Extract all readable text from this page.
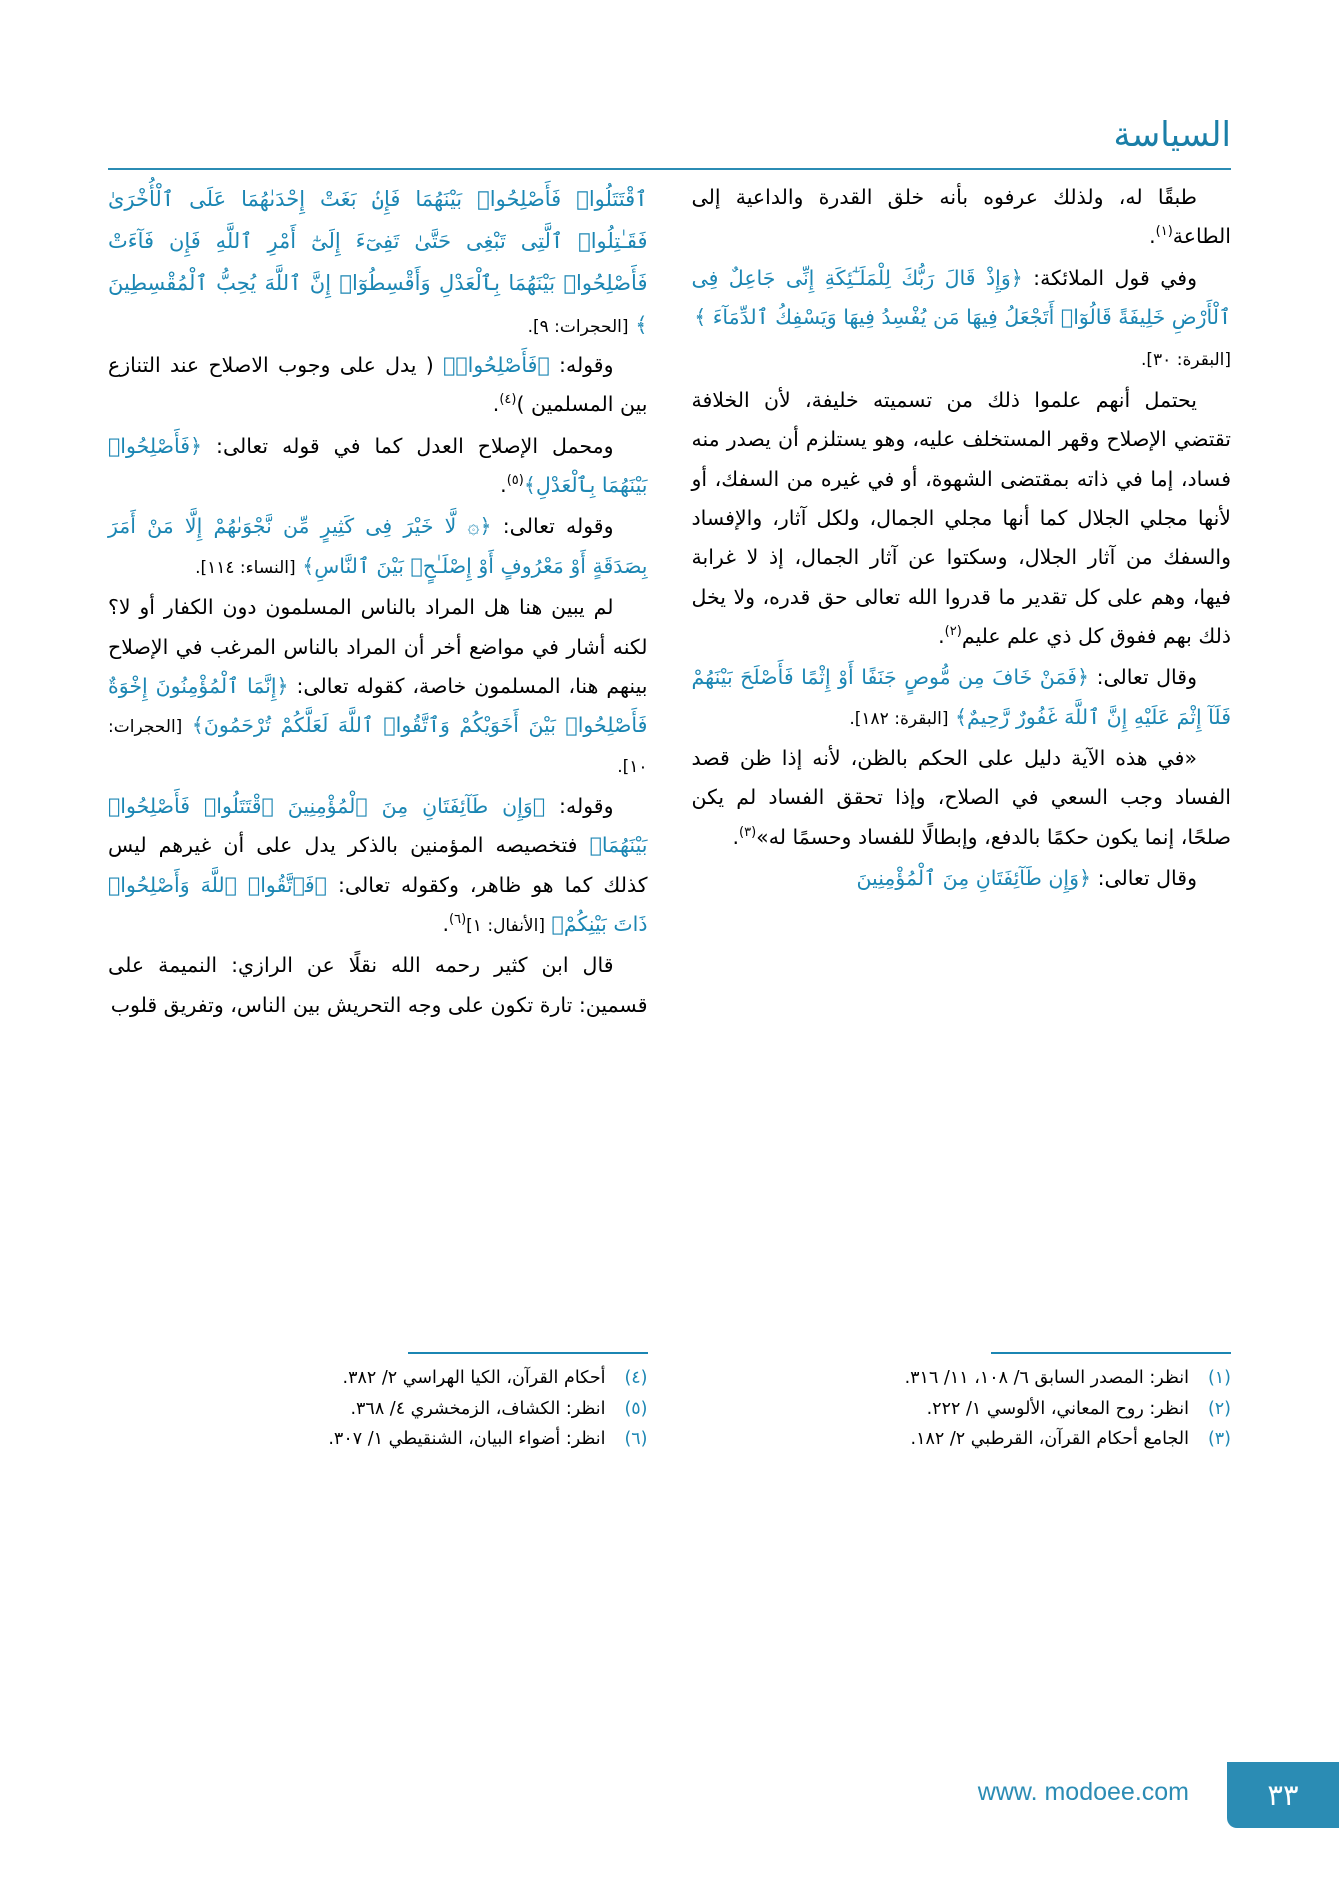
السياسة

طبقًا له، ولذلك عرفوه بأنه خلق القدرة والداعية إلى الطاعة$^{(١)}$.

وفي قول الملائكة: ﴿وَإِذْ قَالَ رَبُّكَ لِلْمَلَـٰٓئِكَةِ إِنِّى جَاعِلٌ فِى ٱلْأَرْضِ خَلِيفَةً قَالُوٓا۟ أَتَجْعَلُ فِيهَا مَن يُفْسِدُ فِيهَا وَيَسْفِكُ ٱلدِّمَآءَ ﴾

[البقرة: ٣٠].

يحتمل أنهم علموا ذلك من تسميته خليفة، لأن الخلافة تقتضي الإصلاح وقهر المستخلف عليه، وهو يستلزم أن يصدر منه فساد، إما في ذاته بمقتضى الشهوة، أو في غيره من السفك، أو لأنها مجلي الجلال كما أنها مجلي الجمال، ولكل آثار، والإفساد والسفك من آثار الجلال، وسكتوا عن آثار الجمال، إذ لا غرابة فيها، وهم على كل تقدير ما قدروا الله تعالى حق قدره، ولا يخل ذلك بهم ففوق كل ذي علم عليم$^{(٢)}$.

وقال تعالى: ﴿فَمَنْ خَافَ مِن مُّوصٍ جَنَفًا أَوْ إِثْمًا فَأَصْلَحَ بَيْنَهُمْ فَلَآ إِثْمَ عَلَيْهِ إِنَّ ٱللَّهَ غَفُورٌ رَّحِيمٌ﴾ [البقرة: ١٨٢].

«في هذه الآية دليل على الحكم بالظن، لأنه إذا ظن قصد الفساد وجب السعي في الصلاح، وإذا تحقق الفساد لم يكن صلحًا، إنما يكون حكمًا بالدفع، وإبطالًا للفساد وحسمًا له»$^{(٣)}$.

وقال تعالى: ﴿وَإِن طَآئِفَتَانِ مِنَ ٱلْمُؤْمِنِينَ

ٱقْتَتَلُوا۟ فَأَصْلِحُوا۟ بَيْنَهُمَا فَإِنۢ بَغَتْ إِحْدَىٰهُمَا عَلَى ٱلْأُخْرَىٰ فَقَـٰتِلُوا۟ ٱلَّتِى تَبْغِى حَتَّىٰ تَفِىٓءَ إِلَىٰٓ أَمْرِ ٱللَّهِ فَإِن فَآءَتْ فَأَصْلِحُوا۟ بَيْنَهُمَا بِٱلْعَدْلِ وَأَقْسِطُوٓا۟ إِنَّ ٱللَّهَ يُحِبُّ ٱلْمُقْسِطِينَ ﴾ [الحجرات: ٩].

وقوله: ﴿فَأَصْلِحُوا۟﴾ ( يدل على وجوب الاصلاح عند التنازع بين المسلمين )$^{(٤)}$.

ومحمل الإصلاح العدل كما في قوله تعالى: ﴿فَأَصْلِحُوا۟ بَيْنَهُمَا بِٱلْعَدْلِ﴾$^{(٥)}$.

وقوله تعالى: ﴿۞ لَّا خَيْرَ فِى كَثِيرٍ مِّن نَّجْوَىٰهُمْ إِلَّا مَنْ أَمَرَ بِصَدَقَةٍ أَوْ مَعْرُوفٍ أَوْ إِصْلَـٰحٍۭ بَيْنَ ٱلنَّاسِ﴾ [النساء: ١١٤].

لم يبين هنا هل المراد بالناس المسلمون دون الكفار أو لا؟ لكنه أشار في مواضع أخر أن المراد بالناس المرغب في الإصلاح بينهم هنا، المسلمون خاصة، كقوله تعالى: ﴿إِنَّمَا ٱلْمُؤْمِنُونَ إِخْوَةٌ فَأَصْلِحُوا۟ بَيْنَ أَخَوَيْكُمْ وَٱتَّقُوا۟ ٱللَّهَ لَعَلَّكُمْ تُرْحَمُونَ﴾ [الحجرات: ١٠].

وقوله: ﴿وَإِن طَآئِفَتَانِ مِنَ ٱلْمُؤْمِنِينَ ٱقْتَتَلُوا۟ فَأَصْلِحُوا۟ بَيْنَهُمَا﴾ فتخصيصه المؤمنين بالذكر يدل على أن غيرهم ليس كذلك كما هو ظاهر، وكقوله تعالى: ﴿فَٱتَّقُوا۟ ٱللَّهَ وَأَصْلِحُوا۟ ذَاتَ بَيْنِكُمْ﴾ [الأنفال: ١]$^{(٦)}$.

قال ابن كثير رحمه الله نقلًا عن الرازي: النميمة على قسمين: تارة تكون على وجه التحريش بين الناس، وتفريق قلوب

(١)
انظر: المصدر السابق ٦/ ١٠٨، ١١/ ٣١٦.
(٢)
انظر: روح المعاني، الألوسي ١/ ٢٢٢.
(٣)
الجامع أحكام القرآن، القرطبي ٢/ ١٨٢.
(٤)
أحكام القرآن، الكيا الهراسي ٢/ ٣٨٢.
(٥)
انظر: الكشاف، الزمخشري ٤/ ٣٦٨.
(٦)
انظر: أضواء البيان، الشنقيطي ١/ ٣٠٧.
٣٣
www. modoee.com
